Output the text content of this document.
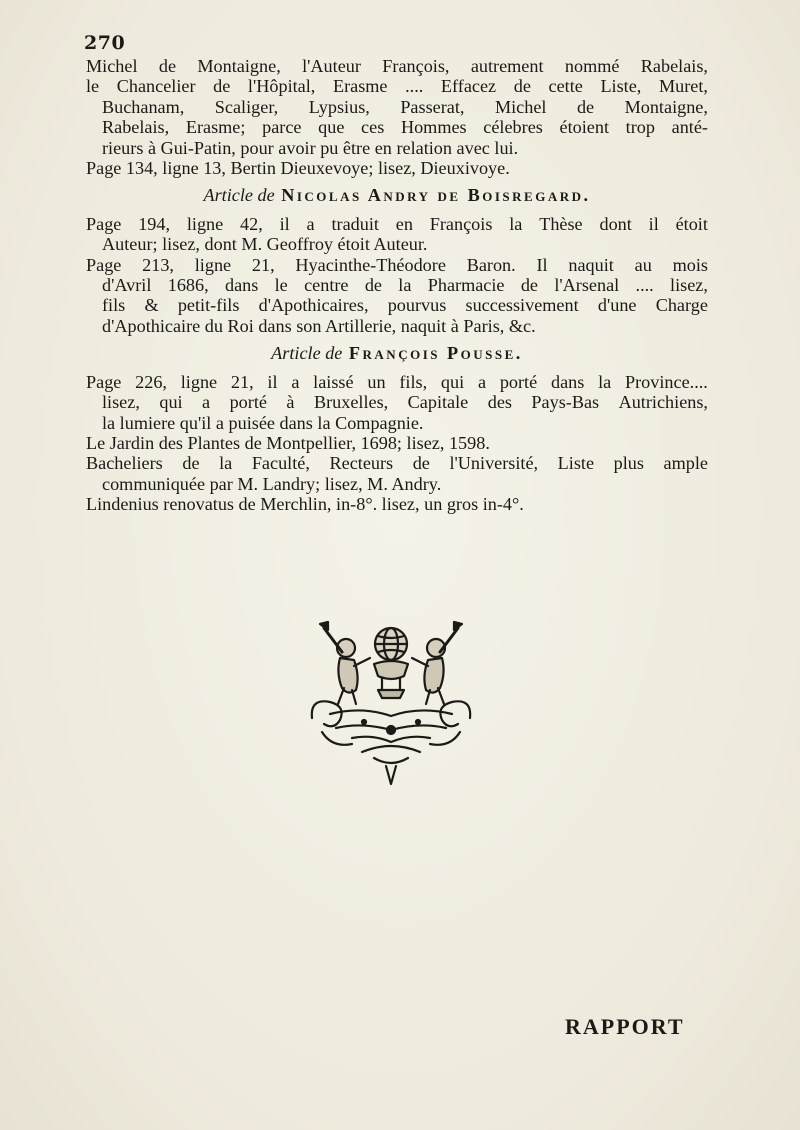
270
Michel de Montaigne, l'Auteur François, autrement nommé Rabelais,
le Chancelier de l'Hôpital, Erasme .... Effacez de cette Liste, Muret,
Buchanam, Scaliger, Lypsius, Passerat, Michel de Montaigne,
Rabelais, Erasme; parce que ces Hommes célebres étoient trop anté-
rieurs à Gui-Patin, pour avoir pu être en relation avec lui.
Page 134, ligne 13, Bertin Dieuxevoye; lisez, Dieuxivoye.
Article de Nicolas Andry de Boisregard.
Page 194, ligne 42, il a traduit en François la Thèse dont il étoit
Auteur; lisez, dont M. Geoffroy étoit Auteur.
Page 213, ligne 21, Hyacinthe-Théodore Baron. Il naquit au mois
d'Avril 1686, dans le centre de la Pharmacie de l'Arsenal .... lisez,
fils & petit-fils d'Apothicaires, pourvus successivement d'une Charge
d'Apothicaire du Roi dans son Artillerie, naquit à Paris, &c.
Article de François Pousse.
Page 226, ligne 21, il a laissé un fils, qui a porté dans la Province....
lisez, qui a porté à Bruxelles, Capitale des Pays-Bas Autrichiens,
la lumiere qu'il a puisée dans la Compagnie.
Le Jardin des Plantes de Montpellier, 1698; lisez, 1598.
Bacheliers de la Faculté, Recteurs de l'Université, Liste plus ample
communiquée par M. Landry; lisez, M. Andry.
Lindenius renovatus de Merchlin, in-8°. lisez, un gros in-4°.
RAPPORT
